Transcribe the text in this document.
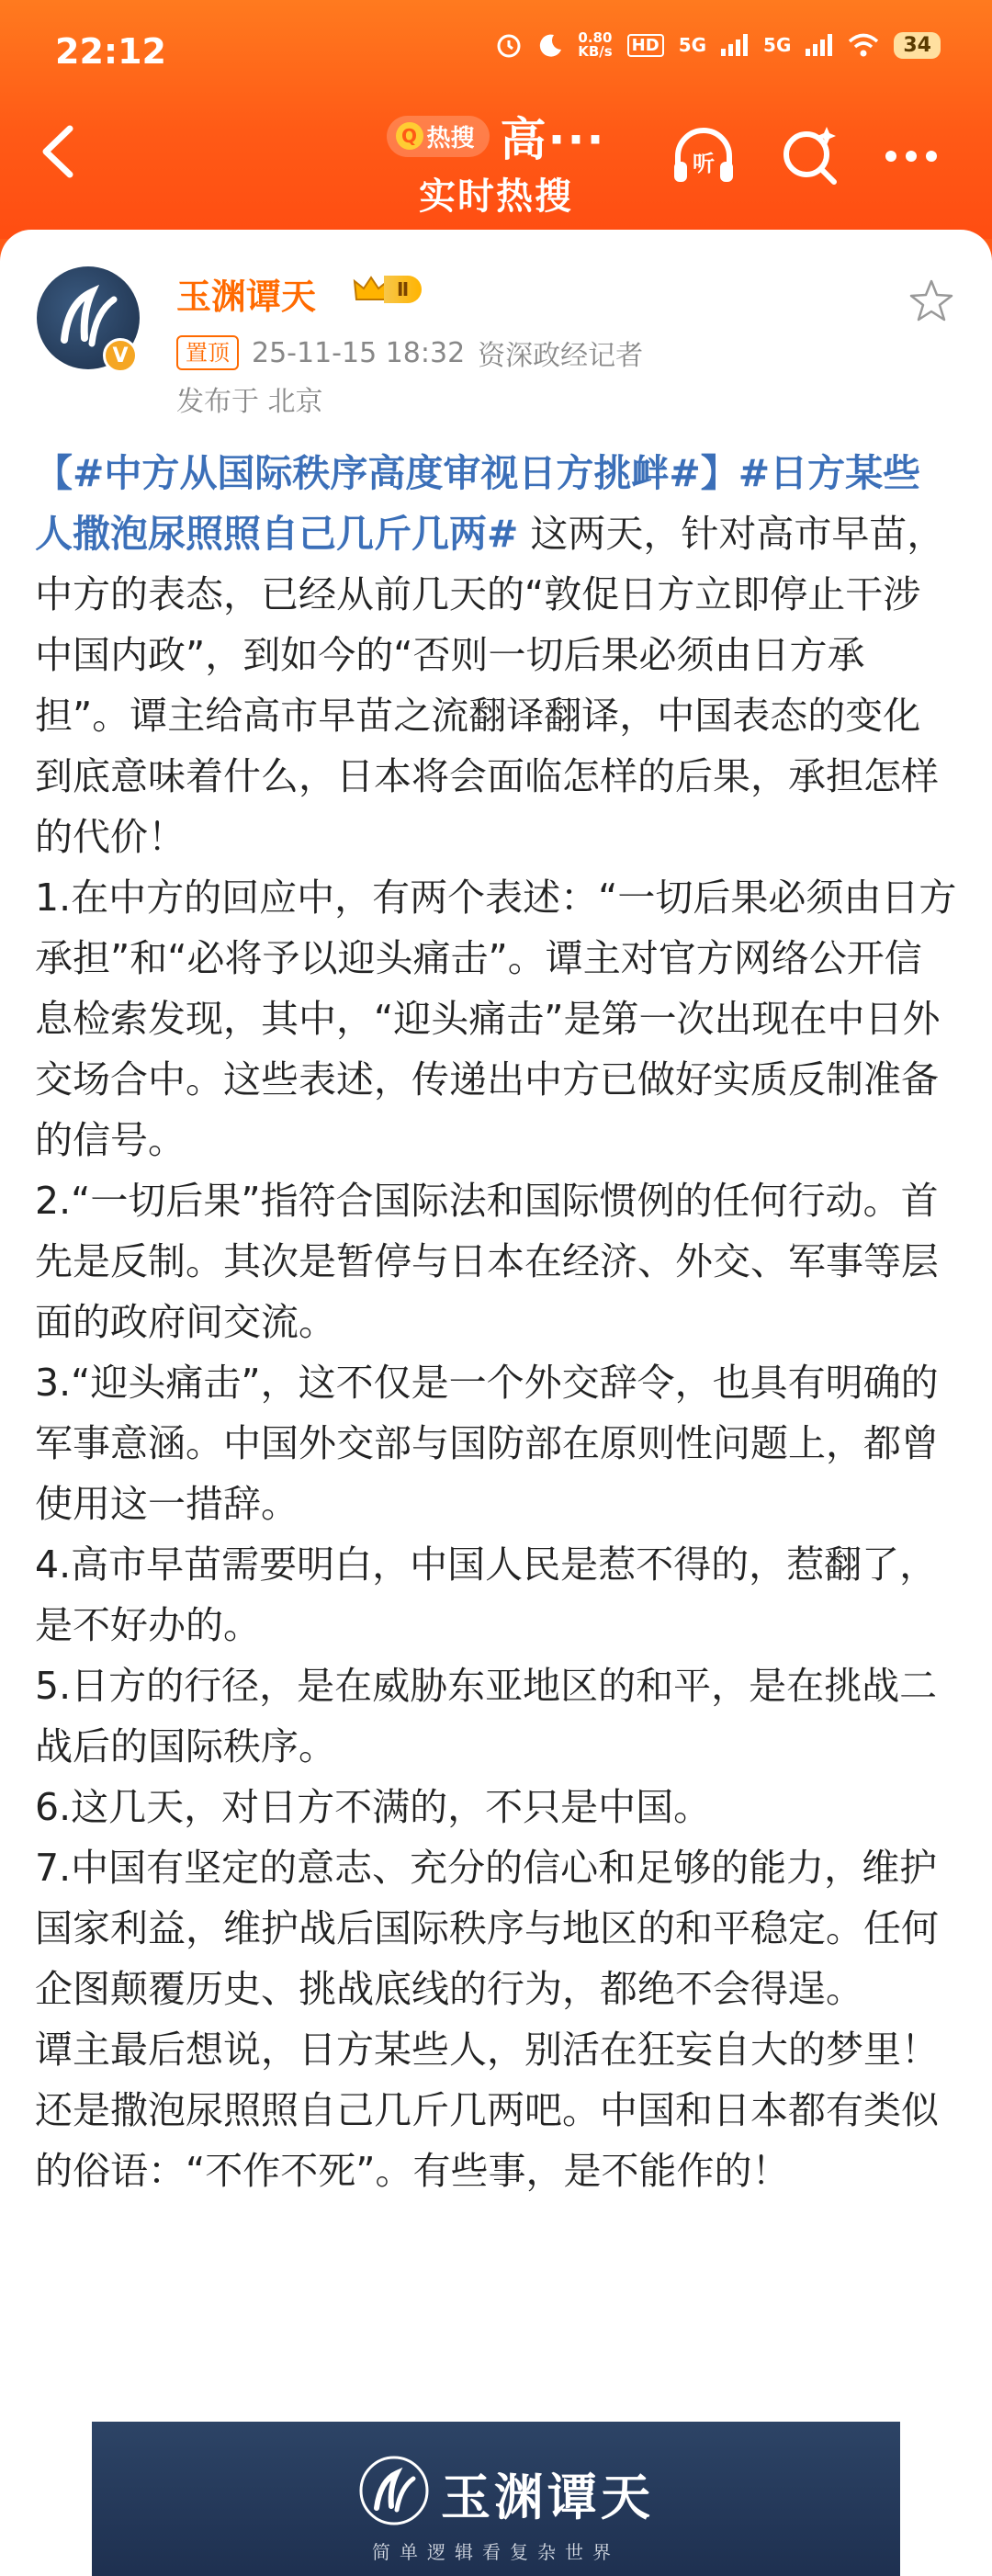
22:12	0.80
KB/s HD 5G	5G	34
Q 热搜 高···
实时热搜
听
V
玉渊谭天	Ⅱ
置顶 25-11-15 18:32 资深政经记者
发布于 北京

【#中方从国际秩序高度审视日方挑衅#】#日方某些人撒泡尿照照自己几斤几两# 这两天，针对高市早苗，中方的表态，已经从前几天的“敦促日方立即停止干涉中国内政”，到如今的“否则一切后果必须由日方承担”。谭主给高市早苗之流翻译翻译，中国表态的变化到底意味着什么，日本将会面临怎样的后果，承担怎样的代价！
1.在中方的回应中，有两个表述：“一切后果必须由日方承担”和“必将予以迎头痛击”。谭主对官方网络公开信息检索发现，其中，“迎头痛击”是第一次出现在中日外交场合中。这些表述，传递出中方已做好实质反制准备的信号。
2.“一切后果”指符合国际法和国际惯例的任何行动。首先是反制。其次是暂停与日本在经济、外交、军事等层面的政府间交流。
3.“迎头痛击”，这不仅是一个外交辞令，也具有明确的军事意涵。中国外交部与国防部在原则性问题上，都曾使用这一措辞。
4.高市早苗需要明白，中国人民是惹不得的，惹翻了，是不好办的。
5.日方的行径，是在威胁东亚地区的和平，是在挑战二战后的国际秩序。
6.这几天，对日方不满的，不只是中国。
7.中国有坚定的意志、充分的信心和足够的能力，维护国家利益，维护战后国际秩序与地区的和平稳定。任何企图颠覆历史、挑战底线的行为，都绝不会得逞。
谭主最后想说，日方某些人，别活在狂妄自大的梦里！还是撒泡尿照照自己几斤几两吧。中国和日本都有类似的俗语：“不作不死”。有些事，是不能作的！

玉渊谭天
简单逻辑看复杂世界
